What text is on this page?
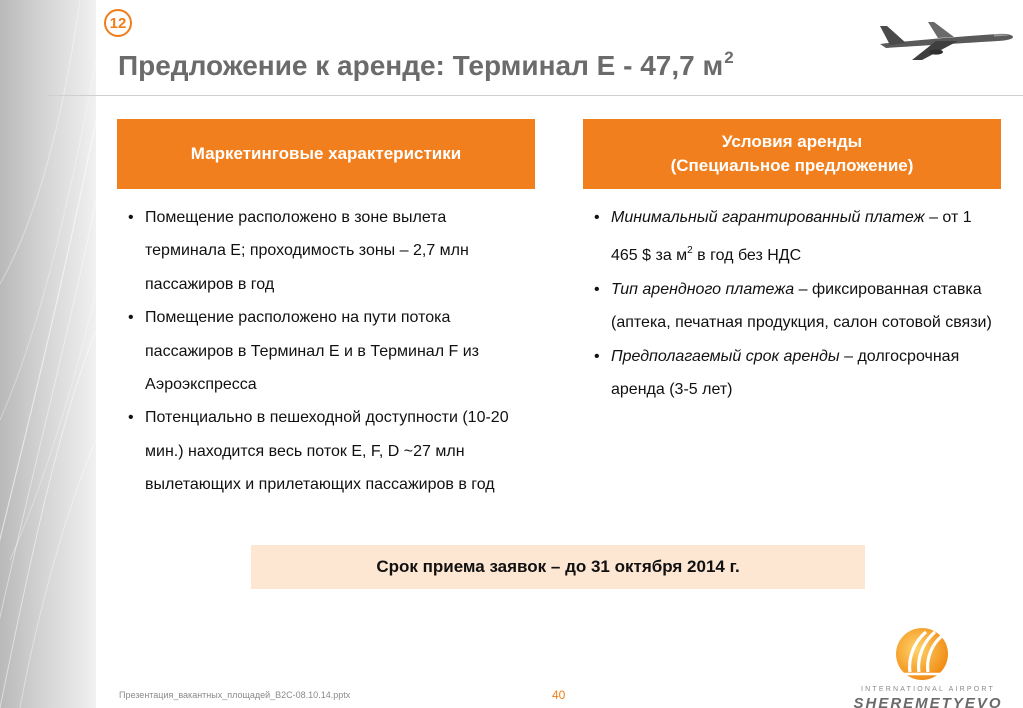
12
Предложение к аренде: Терминал Е - 47,7 $м^2$
Маркетинговые характеристики
• Помещение расположено в зоне вылета терминала Е; проходимость зоны – 2,7 млн пассажиров в год
• Помещение расположено на пути потока пассажиров в Терминал Е и в Терминал F из Аэроэкспресса
• Потенциально в пешеходной доступности (10-20 мин.) находится весь поток E, F, D ~27 млн вылетающих и прилетающих пассажиров в год
Условия аренды
(Специальное предложение)
• Минимальный гарантированный платеж – от 1 465 $ за $м^2$ в год без НДС
• Тип арендного платежа – фиксированная ставка (аптека, печатная продукция, салон сотовой связи)
• Предполагаемый срок аренды – долгосрочная аренда (3-5 лет)
Срок приема заявок – до 31 октября 2014 г.
Презентация_вакантных_площадей_B2C-08.10.14.pptx	40	INTERNATIONAL AIRPORT
SHEREMETYEVO
